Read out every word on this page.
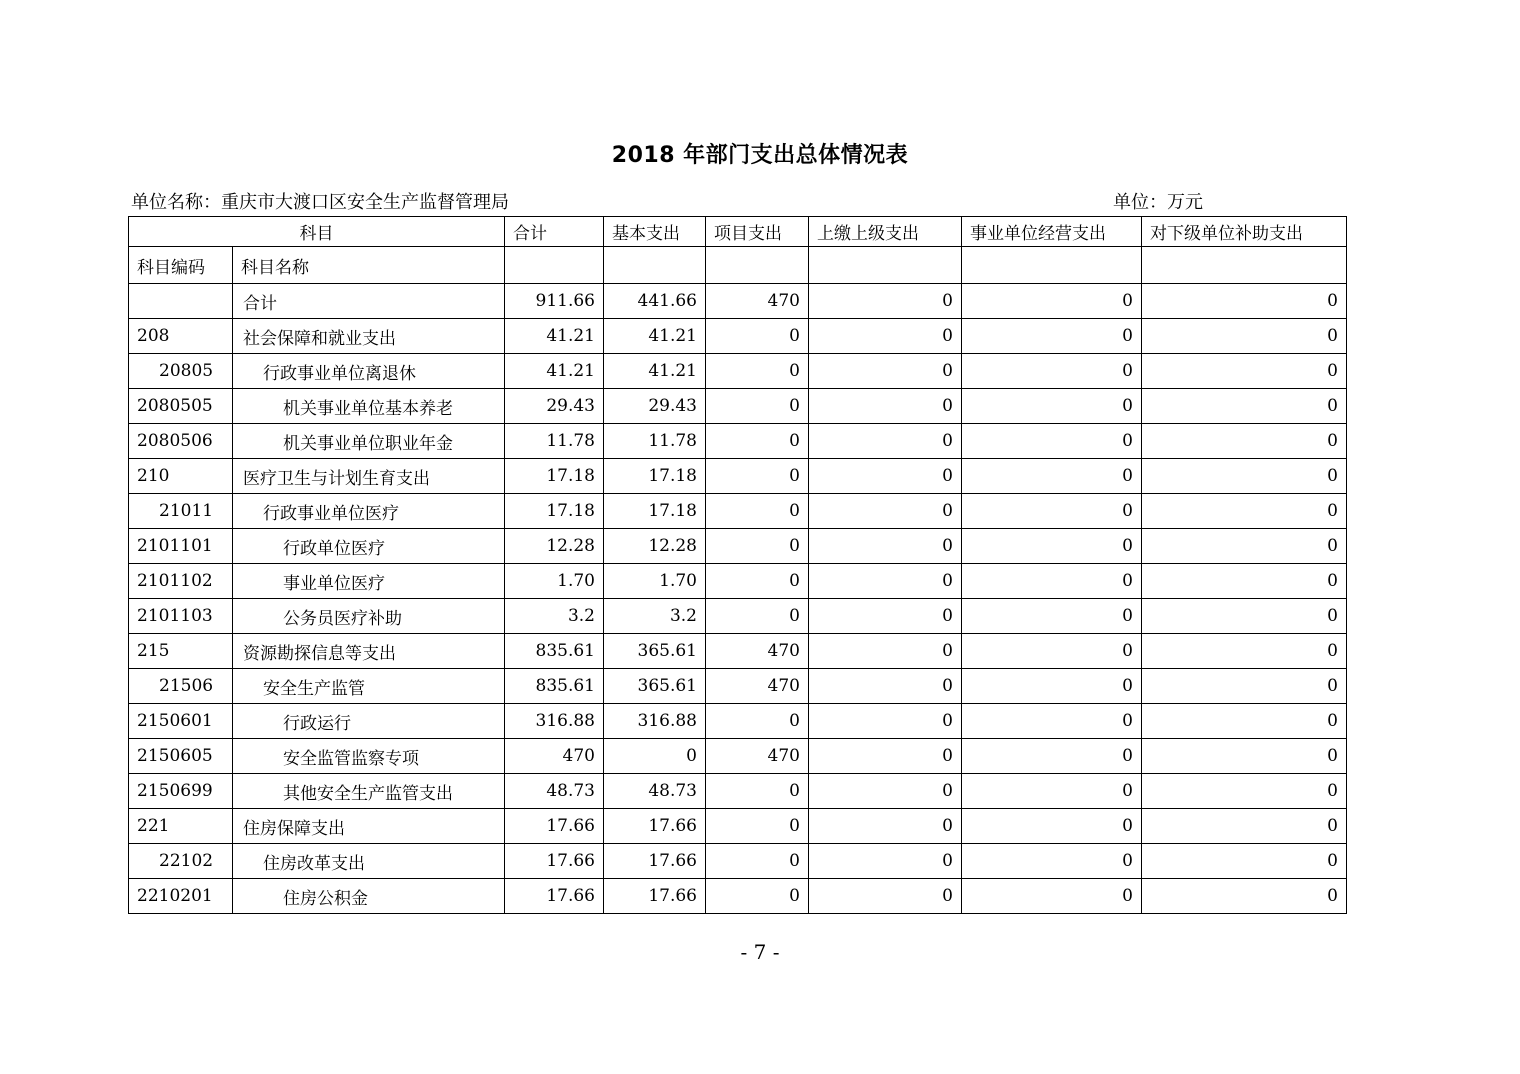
2018 年部门支出总体情况表
单位名称：重庆市大渡口区安全生产监督管理局	单位：万元
科目		合计	基本支出	项目支出	上缴上级支出	事业单位经营支出	对下级单位补助支出
科目编码	科目名称						
	合计	911.66	441.66	470	0	0	0
208	社会保障和就业支出	41.21	41.21	0	0	0	0
20805	行政事业单位离退休	41.21	41.21	0	0	0	0
2080505	机关事业单位基本养老	29.43	29.43	0	0	0	0
2080506	机关事业单位职业年金	11.78	11.78	0	0	0	0
210	医疗卫生与计划生育支出	17.18	17.18	0	0	0	0
21011	行政事业单位医疗	17.18	17.18	0	0	0	0
2101101	行政单位医疗	12.28	12.28	0	0	0	0
2101102	事业单位医疗	1.70	1.70	0	0	0	0
2101103	公务员医疗补助	3.2	3.2	0	0	0	0
215	资源勘探信息等支出	835.61	365.61	470	0	0	0
21506	安全生产监管	835.61	365.61	470	0	0	0
2150601	行政运行	316.88	316.88	0	0	0	0
2150605	安全监管监察专项	470	0	470	0	0	0
2150699	其他安全生产监管支出	48.73	48.73	0	0	0	0
221	住房保障支出	17.66	17.66	0	0	0	0
22102	住房改革支出	17.66	17.66	0	0	0	0
2210201	住房公积金	17.66	17.66	0	0	0	0
- 7 -
